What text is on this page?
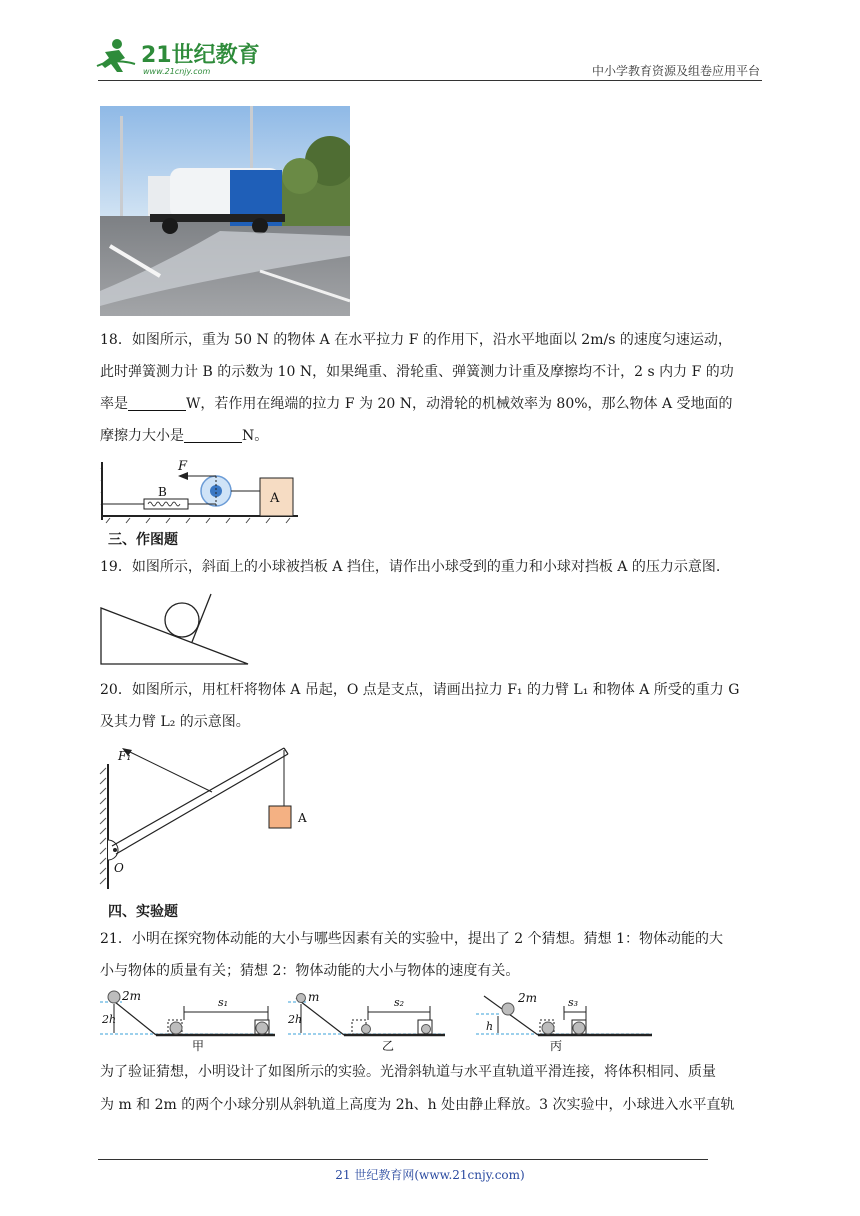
21世纪教育
www.21cnjy.com	中小学教育资源及组卷应用平台
18．如图所示，重为 50 N 的物体 A 在水平拉力 F 的作用下，沿水平地面以 2m/s 的速度匀速运动，
此时弹簧测力计 B 的示数为 10 N，如果绳重、滑轮重、弹簧测力计重及摩擦均不计，2 s 内力 F 的功
率是	W，若作用在绳端的拉力 F 为 20 N，动滑轮的机械效率为 80%，那么物体 A 受地面的
摩擦力大小是	N。
B
F
A
三、作图题
19．如图所示，斜面上的小球被挡板 A 挡住，请作出小球受到的重力和小球对挡板 A 的压力示意图.
20．如图所示，用杠杆将物体 A 吊起，O 点是支点，请画出拉力 F₁ 的力臂 L₁ 和物体 A 所受的重力 G
及其力臂 L₂ 的示意图。
A
F₁
O
四、实验题
21．小明在探究物体动能的大小与哪些因素有关的实验中，提出了 2 个猜想。猜想 1：物体动能的大
小与物体的质量有关；猜想 2：物体动能的大小与物体的速度有关。
2m
2h
s₁
甲
m
2h
s₂
乙
2m
h
s₃
丙
为了验证猜想，小明设计了如图所示的实验。光滑斜轨道与水平直轨道平滑连接，将体积相同、质量
为 m 和 2m 的两个小球分别从斜轨道上高度为 2h、h 处由静止释放。3 次实验中，小球进入水平直轨
21 世纪教育网(www.21cnjy.com)
